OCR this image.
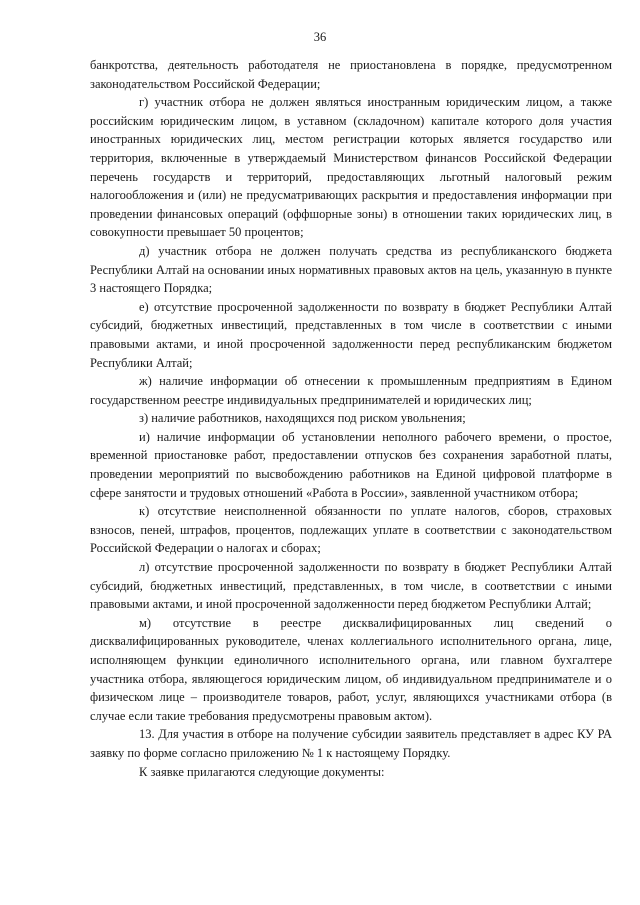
36

банкротства, деятельность работодателя не приостановлена в порядке, предусмотренном законодательством Российской Федерации;

г) участник отбора не должен являться иностранным юридическим лицом, а также российским юридическим лицом, в уставном (складочном) капитале которого доля участия иностранных юридических лиц, местом регистрации которых является государство или территория, включенные в утверждаемый Министерством финансов Российской Федерации перечень государств и территорий, предоставляющих льготный налоговый режим налогообложения и (или) не предусматривающих раскрытия и предоставления информации при проведении финансовых операций (оффшорные зоны) в отношении таких юридических лиц, в совокупности превышает 50 процентов;

д) участник отбора не должен получать средства из республиканского бюджета Республики Алтай на основании иных нормативных правовых актов на цель, указанную в пункте 3 настоящего Порядка;

е) отсутствие просроченной задолженности по возврату в бюджет Республики Алтай субсидий, бюджетных инвестиций, представленных в том числе в соответствии с иными правовыми актами, и иной просроченной задолженности перед республиканским бюджетом Республики Алтай;

ж) наличие информации об отнесении к промышленным предприятиям в Едином государственном реестре индивидуальных предпринимателей и юридических лиц;

з) наличие работников, находящихся под риском увольнения;

и) наличие информации об установлении неполного рабочего времени, о простое, временной приостановке работ, предоставлении отпусков без сохранения заработной платы, проведении мероприятий по высвобождению работников на Единой цифровой платформе в сфере занятости и трудовых отношений «Работа в России», заявленной участником отбора;

к) отсутствие неисполненной обязанности по уплате налогов, сборов, страховых взносов, пеней, штрафов, процентов, подлежащих уплате в соответствии с законодательством Российской Федерации о налогах и сборах;

л) отсутствие просроченной задолженности по возврату в бюджет Республики Алтай субсидий, бюджетных инвестиций, представленных, в том числе, в соответствии с иными правовыми актами, и иной просроченной задолженности перед бюджетом Республики Алтай;

м) отсутствие в реестре дисквалифицированных лиц сведений о дисквалифицированных руководителе, членах коллегиального исполнительного органа, лице, исполняющем функции единоличного исполнительного органа, или главном бухгалтере участника отбора, являющегося юридическим лицом, об индивидуальном предпринимателе и о физическом лице – производителе товаров, работ, услуг, являющихся участниками отбора (в случае если такие требования предусмотрены правовым актом).

13. Для участия в отборе на получение субсидии заявитель представляет в адрес КУ РА заявку по форме согласно приложению № 1 к настоящему Порядку.

К заявке прилагаются следующие документы:
